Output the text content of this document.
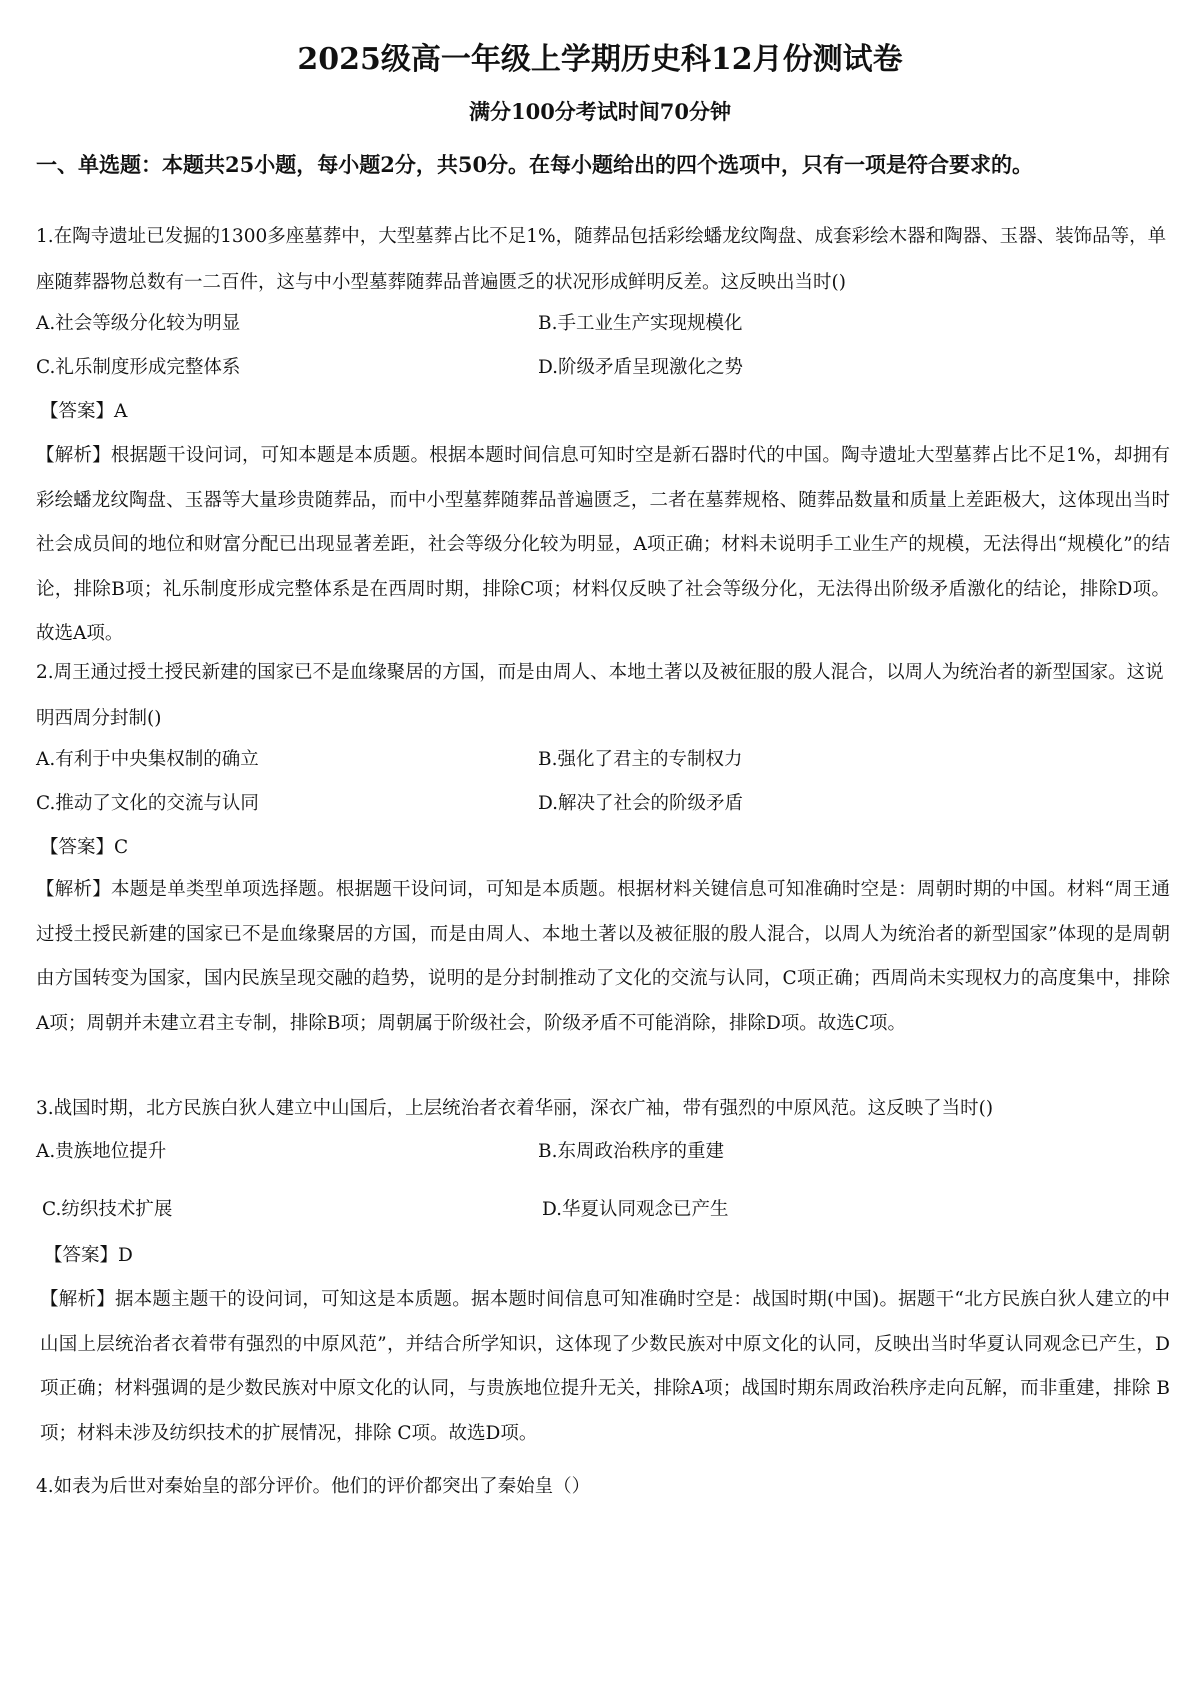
2025级高一年级上学期历史科12月份测试卷
满分100分考试时间70分钟
一、单选题：本题共25小题，每小题2分，共50分。在每小题给出的四个选项中，只有一项是符合要求的。
1.在陶寺遗址已发掘的1300多座墓葬中，大型墓葬占比不足1%，随葬品包括彩绘蟠龙纹陶盘、成套彩绘木器和陶器、玉器、装饰品等，单座随葬器物总数有一二百件，这与中小型墓葬随葬品普遍匮乏的状况形成鲜明反差。这反映出当时()
A.社会等级分化较为明显	B.手工业生产实现规模化
C.礼乐制度形成完整体系	D.阶级矛盾呈现激化之势
【答案】A
【解析】根据题干设问词，可知本题是本质题。根据本题时间信息可知时空是新石器时代的中国。陶寺遗址大型墓葬占比不足1%，却拥有彩绘蟠龙纹陶盘、玉器等大量珍贵随葬品，而中小型墓葬随葬品普遍匮乏，二者在墓葬规格、随葬品数量和质量上差距极大，这体现出当时社会成员间的地位和财富分配已出现显著差距，社会等级分化较为明显，A项正确；材料未说明手工业生产的规模，无法得出“规模化”的结论，排除B项；礼乐制度形成完整体系是在西周时期，排除C项；材料仅反映了社会等级分化，无法得出阶级矛盾激化的结论，排除D项。故选A项。
2.周王通过授土授民新建的国家已不是血缘聚居的方国，而是由周人、本地土著以及被征服的殷人混合，以周人为统治者的新型国家。这说明西周分封制()
A.有利于中央集权制的确立	B.强化了君主的专制权力
C.推动了文化的交流与认同	D.解决了社会的阶级矛盾
【答案】C
【解析】本题是单类型单项选择题。根据题干设问词，可知是本质题。根据材料关键信息可知准确时空是：周朝时期的中国。材料“周王通过授土授民新建的国家已不是血缘聚居的方国，而是由周人、本地土著以及被征服的殷人混合，以周人为统治者的新型国家”体现的是周朝由方国转变为国家，国内民族呈现交融的趋势，说明的是分封制推动了文化的交流与认同，C项正确；西周尚未实现权力的高度集中，排除A项；周朝并未建立君主专制，排除B项；周朝属于阶级社会，阶级矛盾不可能消除，排除D项。故选C项。
3.战国时期，北方民族白狄人建立中山国后，上层统治者衣着华丽，深衣广袖，带有强烈的中原风范。这反映了当时()
A.贵族地位提升	B.东周政治秩序的重建
C.纺织技术扩展	D.华夏认同观念已产生
【答案】D
【解析】据本题主题干的设问词，可知这是本质题。据本题时间信息可知准确时空是：战国时期(中国)。据题干“北方民族白狄人建立的中山国上层统治者衣着带有强烈的中原风范”，并结合所学知识，这体现了少数民族对中原文化的认同，反映出当时华夏认同观念已产生，D项正确；材料强调的是少数民族对中原文化的认同，与贵族地位提升无关，排除A项；战国时期东周政治秩序走向瓦解，而非重建，排除 B项；材料未涉及纺织技术的扩展情况，排除 C项。故选D项。
4.如表为后世对秦始皇的部分评价。他们的评价都突出了秦始皇（）
